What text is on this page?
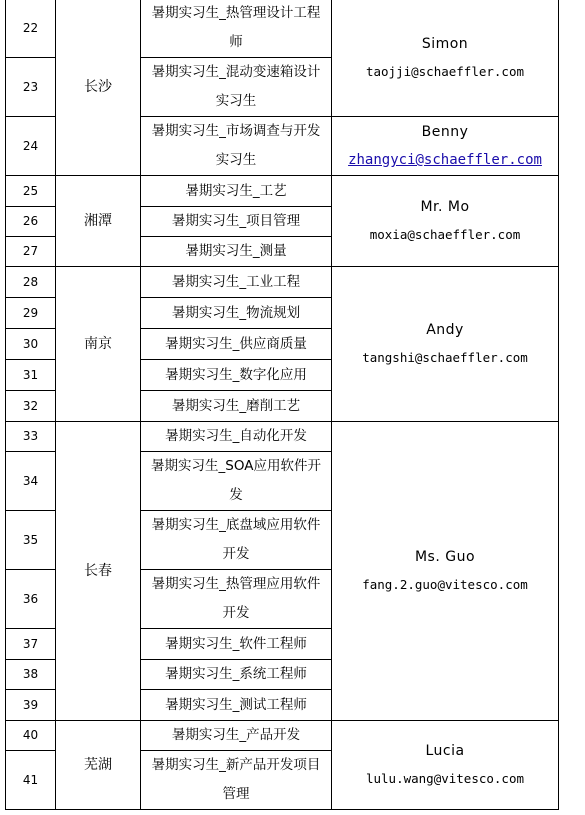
22	长沙	暑期实习生_热管理设计工程师	Simon
taojji@schaeffler.com

23		暑期实习生_混动变速箱设计实习生	
24		暑期实习生_市场调查与开发实习生	Benny
zhangyci@schaeffler.com

25	湘潭	暑期实习生_工艺	Mr. Mo
moxia@schaeffler.com

26		暑期实习生_项目管理	
27		暑期实习生_测量	
28	南京	暑期实习生_工业工程	Andy
tangshi@schaeffler.com

29		暑期实习生_物流规划	
30		暑期实习生_供应商质量	
31		暑期实习生_数字化应用	
32		暑期实习生_磨削工艺	
33	长春	暑期实习生_自动化开发	Ms. Guo
fang.2.guo@vitesco.com

34		暑期实习生_SOA应用软件开发	
35		暑期实习生_底盘域应用软件开发	
36		暑期实习生_热管理应用软件开发	
37		暑期实习生_软件工程师	
38		暑期实习生_系统工程师	
39		暑期实习生_测试工程师	
40	芜湖	暑期实习生_产品开发	Lucia
lulu.wang@vitesco.com

41		暑期实习生_新产品开发项目管理	
